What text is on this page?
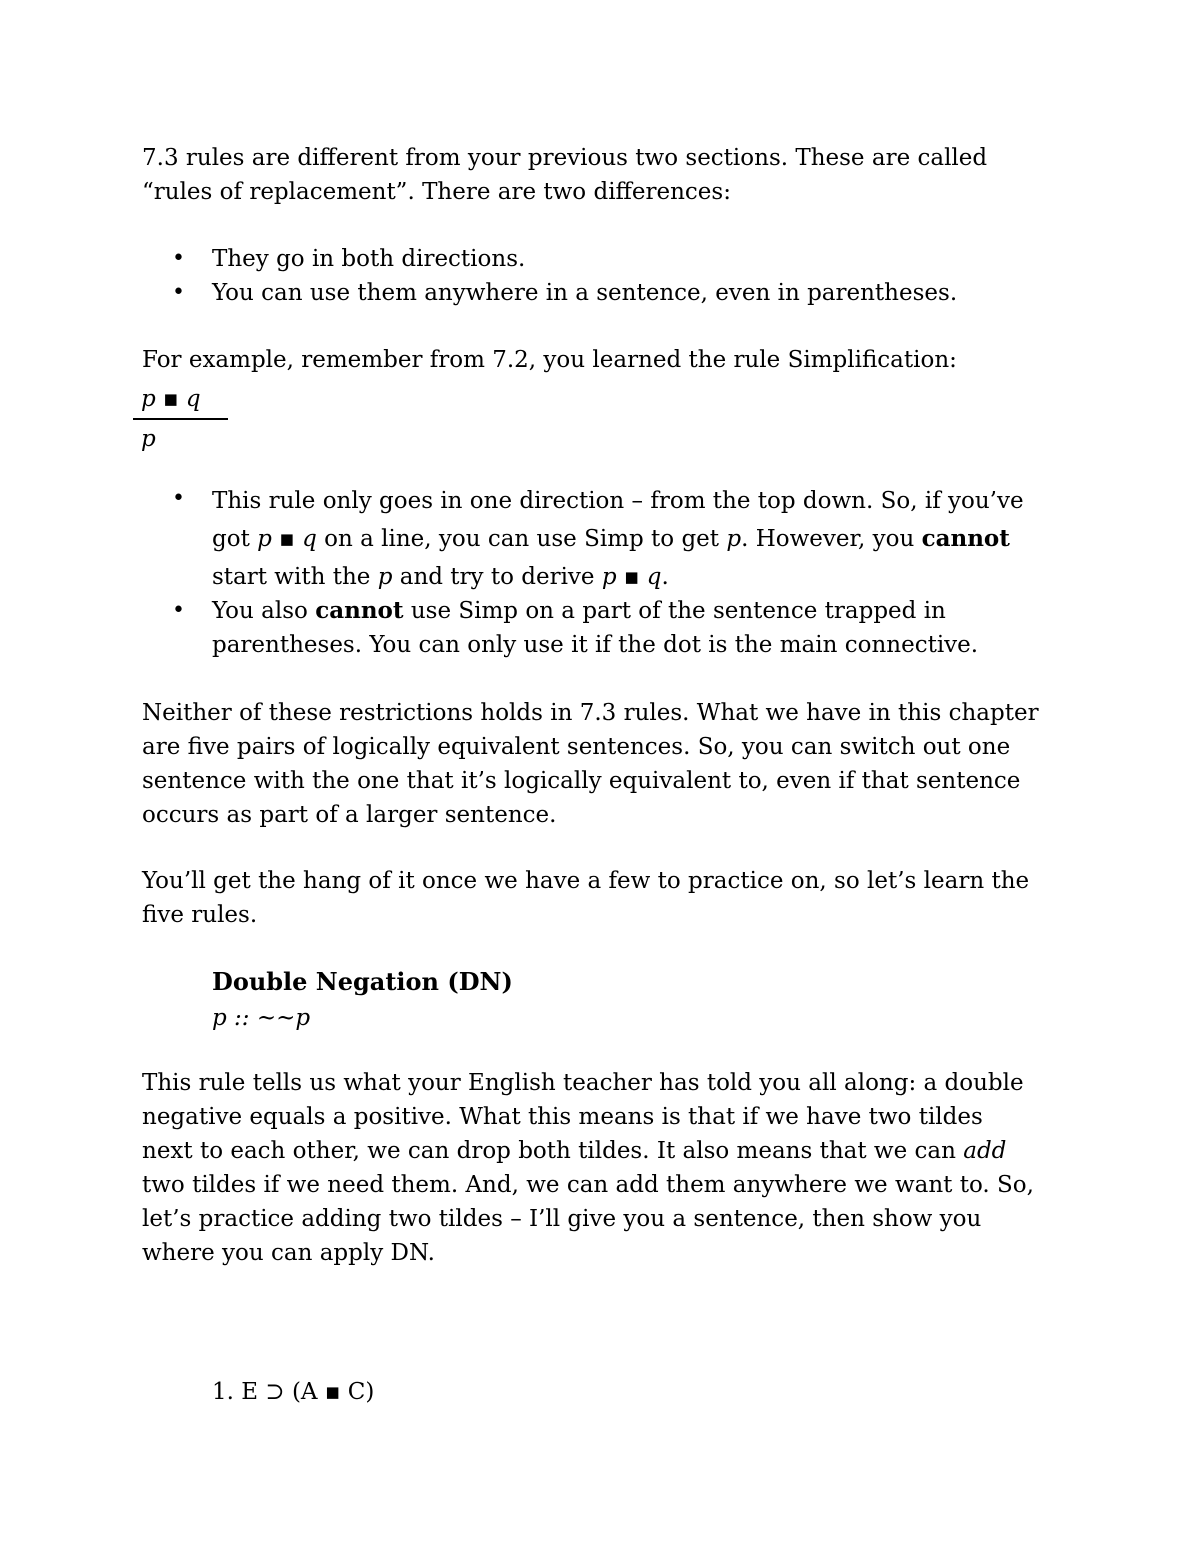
7.3 rules are different from your previous two sections. These are called
“rules of replacement”. There are two differences:
• They go in both directions.
• You can use them anywhere in a sentence, even in parentheses.
For example, remember from 7.2, you learned the rule Simplification:
p ▪ q
p
• This rule only goes in one direction – from the top down. So, if you’ve
got p ▪ q on a line, you can use Simp to get p. However, you cannot
start with the p and try to derive p ▪ q.
• You also cannot use Simp on a part of the sentence trapped in
parentheses. You can only use it if the dot is the main connective.
Neither of these restrictions holds in 7.3 rules. What we have in this chapter
are five pairs of logically equivalent sentences. So, you can switch out one
sentence with the one that it’s logically equivalent to, even if that sentence
occurs as part of a larger sentence.
You’ll get the hang of it once we have a few to practice on, so let’s learn the
five rules.
Double Negation (DN)
p :: ~~p
This rule tells us what your English teacher has told you all along: a double
negative equals a positive. What this means is that if we have two tildes
next to each other, we can drop both tildes. It also means that we can add
two tildes if we need them. And, we can add them anywhere we want to. So,
let’s practice adding two tildes – I’ll give you a sentence, then show you
where you can apply DN.
1. E ⊃ (A ▪ C)
